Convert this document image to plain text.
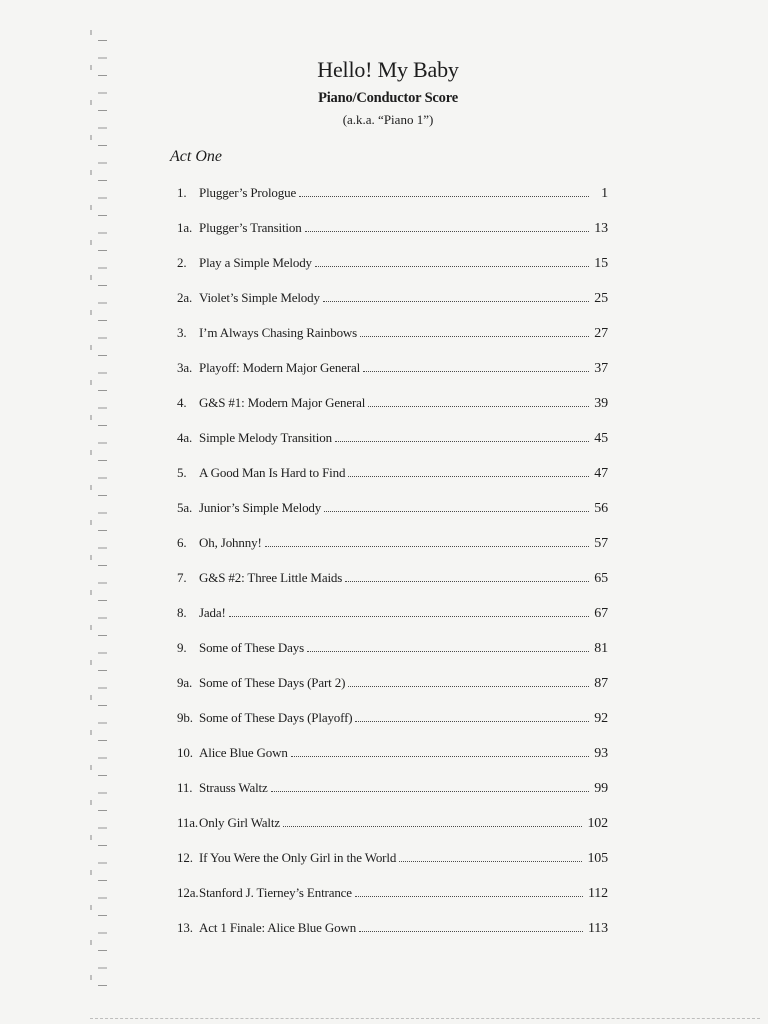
Hello! My Baby
Piano/Conductor Score
(a.k.a. “Piano 1”)
Act One
1. Plugger’s Prologue	1
1a. Plugger’s Transition	13
2. Play a Simple Melody	15
2a. Violet’s Simple Melody	25
3. I’m Always Chasing Rainbows	27
3a. Playoff: Modern Major General	37
4. G&S #1: Modern Major General	39
4a. Simple Melody Transition	45
5. A Good Man Is Hard to Find	47
5a. Junior’s Simple Melody	56
6. Oh, Johnny!	57
7. G&S #2: Three Little Maids	65
8. Jada!	67
9. Some of These Days	81
9a. Some of These Days (Part 2)	87
9b. Some of These Days (Playoff)	92
10. Alice Blue Gown	93
11. Strauss Waltz	99
11a. Only Girl Waltz	102
12. If You Were the Only Girl in the World	105
12a. Stanford J. Tierney’s Entrance	112
13. Act 1 Finale: Alice Blue Gown	113
